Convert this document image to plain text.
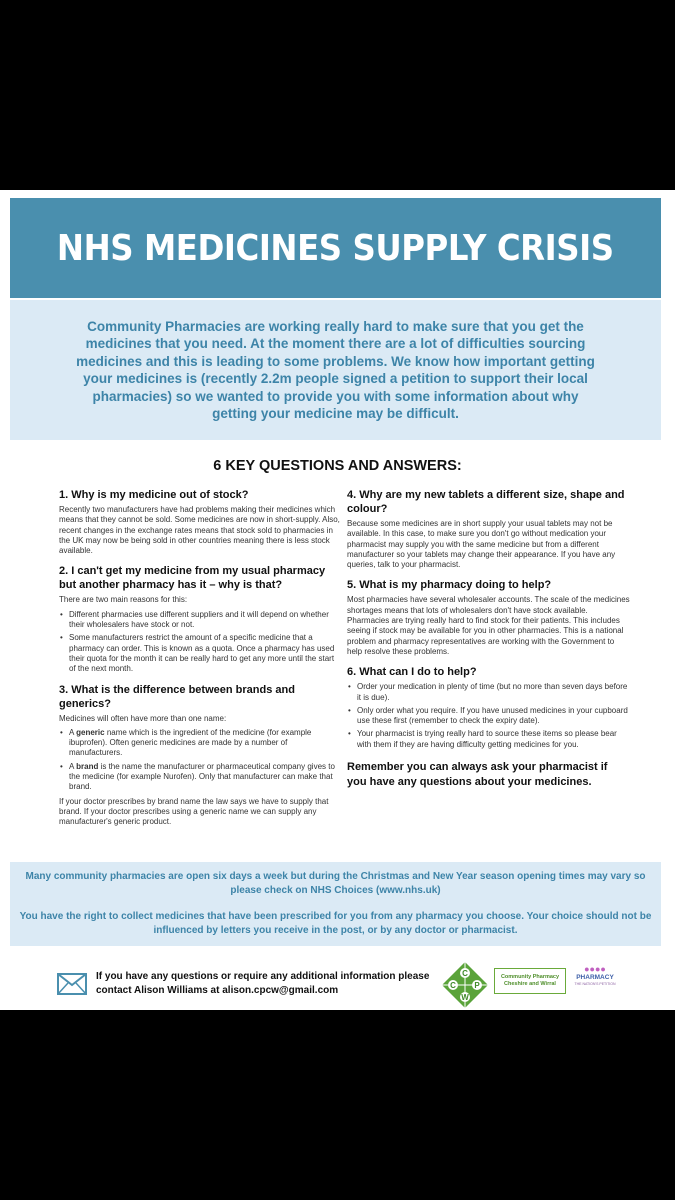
NHS MEDICINES SUPPLY CRISIS

Community Pharmacies are working really hard to make sure that you get the medicines that you need. At the moment there are a lot of difficulties sourcing medicines and this is leading to some problems. We know how important getting your medicines is (recently 2.2m people signed a petition to support their local pharmacies) so we wanted to provide you with some information about why getting your medicine may be difficult.

6 KEY QUESTIONS AND ANSWERS:
1. Why is my medicine out of stock?

Recently two manufacturers have had problems making their medicines which means that they cannot be sold. Some medicines are now in short-supply. Also, recent changes in the exchange rates means that stock sold to pharmacies in the UK may now be being sold in other countries meaning there is less stock available.

2. I can't get my medicine from my usual pharmacy but another pharmacy has it – why is that?

There are two main reasons for this:

• Different pharmacies use different suppliers and it will depend on whether their wholesalers have stock or not.
• Some manufacturers restrict the amount of a specific medicine that a pharmacy can order. This is known as a quota. Once a pharmacy has used their quota for the month it can be really hard to get any more until the start of the next month.
3. What is the difference between brands and generics?

Medicines will often have more than one name:

• A generic name which is the ingredient of the medicine (for example ibuprofen). Often generic medicines are made by a number of manufacturers.
• A brand is the name the manufacturer or pharmaceutical company gives to the medicine (for example Nurofen). Only that manufacturer can make that brand.

If your doctor prescribes by brand name the law says we have to supply that brand. If your doctor prescribes using a generic name we can supply any manufacturer's generic product.

4. Why are my new tablets a different size, shape and colour?

Because some medicines are in short supply your usual tablets may not be available. In this case, to make sure you don't go without medication your pharmacist may supply you with the same medicine but from a different manufacturer so your tablets may change their appearance. If you have any queries, talk to your pharmacist.

5. What is my pharmacy doing to help?

Most pharmacies have several wholesaler accounts. The scale of the medicines shortages means that lots of wholesalers don't have stock available. Pharmacies are trying really hard to find stock for their patients. This includes seeing if stock may be available for you in other pharmacies. This is a national problem and pharmacy representatives are working with the Government to help resolve these problems.

6. What can I do to help?
• Order your medication in plenty of time (but no more than seven days before it is due).
• Only order what you require. If you have unused medicines in your cupboard use these first (remember to check the expiry date).
• Your pharmacist is trying really hard to source these items so please bear with them if they are having difficulty getting medicines for you.
Remember you can always ask your pharmacist if you have any questions about your medicines.
Many community pharmacies are open six days a week but during the Christmas and New Year season opening times may vary so please check on NHS Choices (www.nhs.uk)
You have the right to collect medicines that have been prescribed for you from any pharmacy you choose. Your choice should not be influenced by letters you receive in the post, or by any doctor or pharmacist.
If you have any questions or require any additional information please contact Alison Williams at alison.cpcw@gmail.com
C
C P
W
Community Pharmacy
Cheshire and Wirral
●●●●
PHARMACY
THE NATION'S PETITION
